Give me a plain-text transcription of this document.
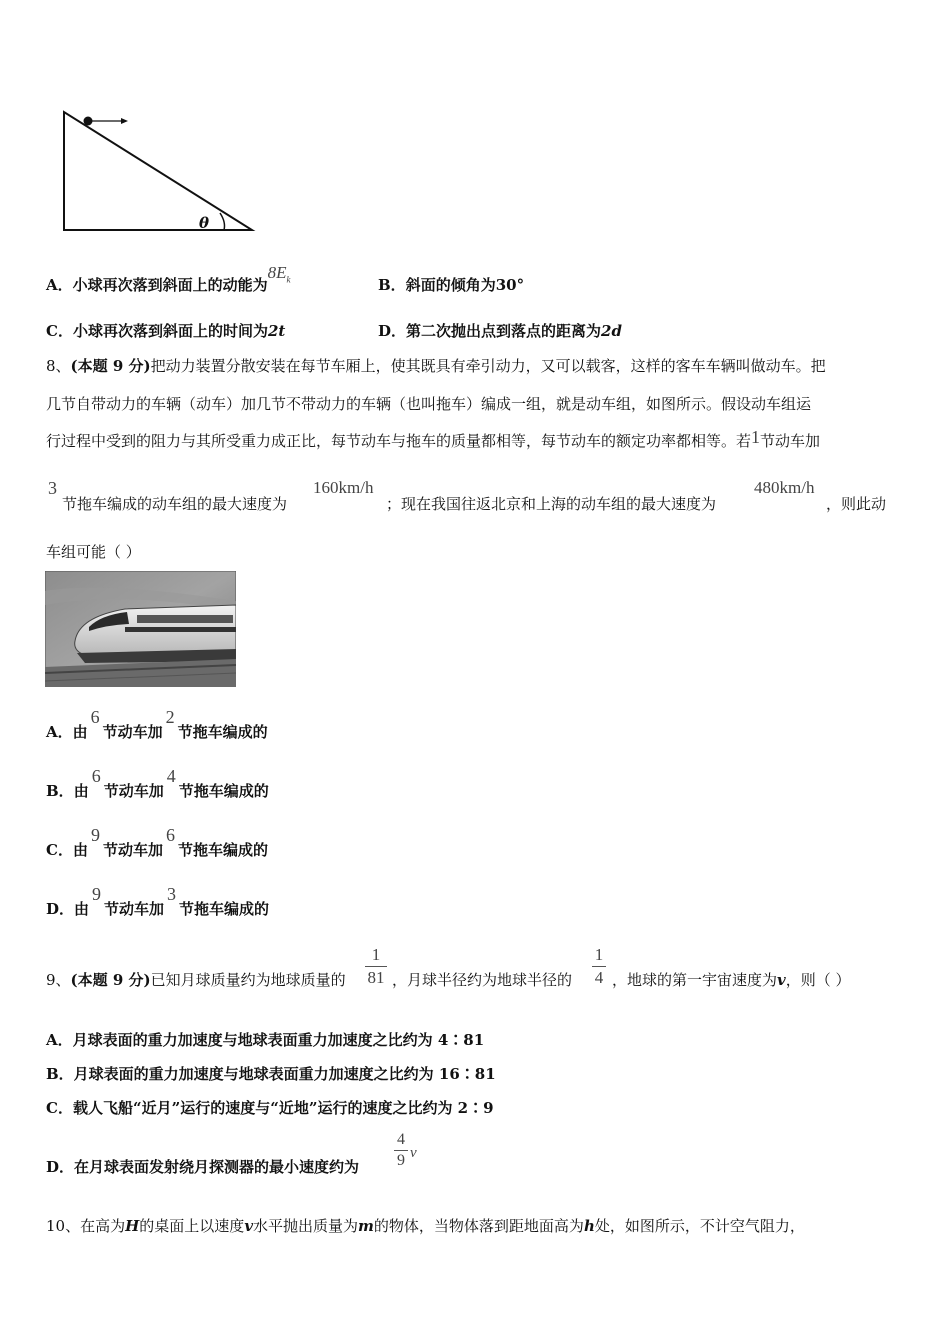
θ
A．小球再次落到斜面上的动能为$8E_k$	B．斜面的倾角为30°
C．小球再次落到斜面上的时间为2t	D．第二次抛出点到落点的距离为2d
8、(本题 9 分)把动力装置分散安装在每节车厢上，使其既具有牵引动力，又可以载客，这样的客车车辆叫做动车。把
几节自带动力的车辆（动车）加几节不带动力的车辆（也叫拖车）编成一组，就是动车组，如图所示。假设动车组运
行过程中受到的阻力与其所受重力成正比，每节动车与拖车的质量都相等，每节动车的额定功率都相等。若1节动车加
3
节拖车编成的动车组的最大速度为
160km/h
；现在我国往返北京和上海的动车组的最大速度为
480km/h
，则此动
车组可能（ ）
A．由6节动车加2节拖车编成的
B．由6节动车加4节拖车编成的
C．由9节动车加6节拖车编成的
D．由9节动车加3节拖车编成的
9、(本题 9 分)已知月球质量约为地球质量的
1
81 ，月球半径约为地球半径的
1
4 ，地球的第一宇宙速度为v，则（ ）
A．月球表面的重力加速度与地球表面重力加速度之比约为 4∶81
B．月球表面的重力加速度与地球表面重力加速度之比约为 16∶81
C．载人飞船“近月”运行的速度与“近地”运行的速度之比约为 2∶9
D．在月球表面发射绕月探测器的最小速度约为
4
9 v
10、在高为H的桌面上以速度v水平抛出质量为m的物体，当物体落到距地面高为h处，如图所示，不计空气阻力，
